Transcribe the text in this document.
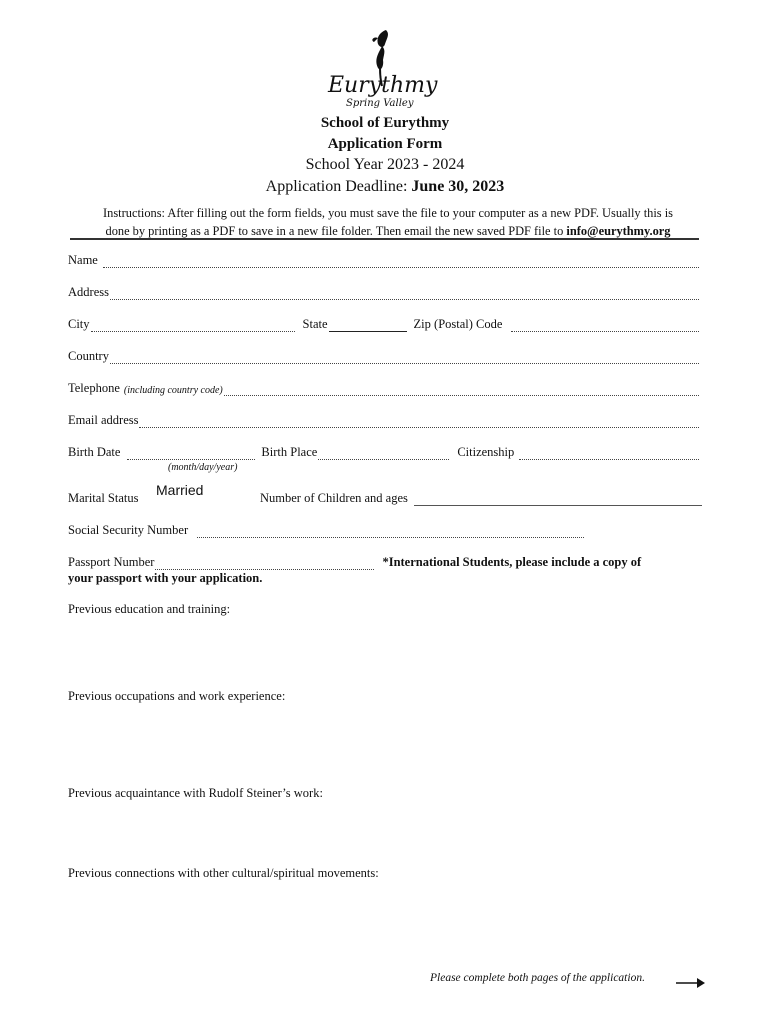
Eurythmy
Spring Valley
School of Eurythmy
Application Form
School Year 2023 - 2024
Application Deadline: June 30, 2023
Instructions: After filling out the form fields, you must save the file to your computer as a new PDF. Usually this is
done by printing as a PDF to save in a new file folder. Then email the new saved PDF file to info@eurythmy.org
Name
Address
City	State	Zip (Postal) Code
Country
Telephone (including country code)
Email address
Birth Date	Birth Place	Citizenship
(month/day/year)
Marital Status Married	Number of Children and ages
Social Security Number
Passport Number	*International Students, please include a copy of
your passport with your application.
Previous education and training:
Previous occupations and work experience:
Previous acquaintance with Rudolf Steiner’s work:
Previous connections with other cultural/spiritual movements:
Please complete both pages of the application.
